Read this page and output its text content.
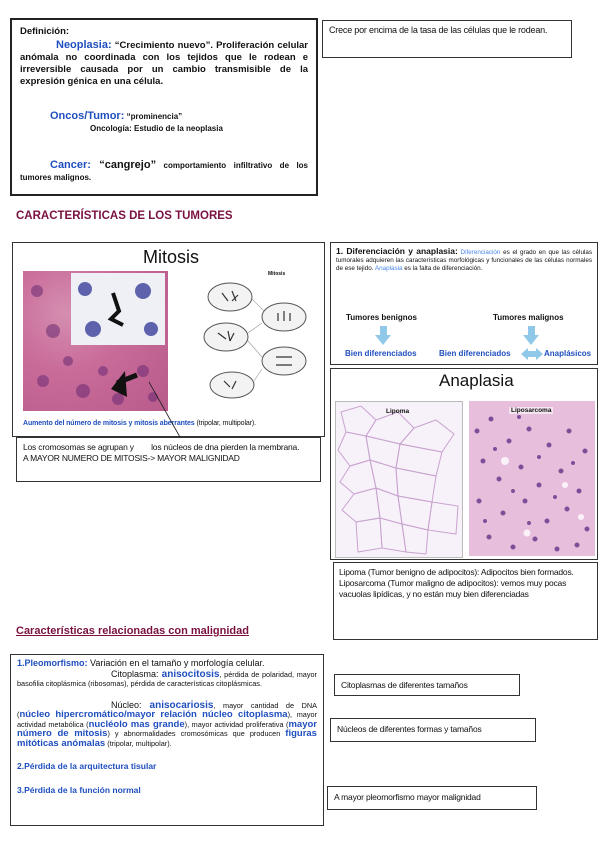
Definición:
Neoplasia: “Crecimiento nuevo”. Proliferación celular anómala no coordinada con los tejidos que le rodean e irreversible causada por un cambio transmisible de la expresión génica en una célula.
Oncos/Tumor: “prominencia”
Oncología: Estudio de la neoplasia
Cancer: “cangrejo” comportamiento infiltrativo de los tumores malignos.
Crece por encima de la tasa de las células que le rodean.
CARACTERÍSTICAS DE LOS TUMORES
Mitosis
Mitosis
Aumento del número de mitosis y mitosis aberrantes (tripolar, multipolar).
Los cromosomas se agrupan y        los núcleos de dna pierden la membrana.
A MAYOR NUMERO DE MITOSIS-> MAYOR MALIGNIDAD
1. Diferenciación y anaplasia: Diferenciación es el grado en que las células tumorales adquieren las características morfológicas y funcionales de las células normales de ese tejido. Anaplasia es la falta de diferenciación.
Tumores benignos	Tumores malignos
Bien diferenciados	Bien diferenciados	Anaplásicos
Anaplasia
Lipoma	Liposarcoma
Lipoma (Tumor benigno de adipocitos): Adipocitos bien formados.
Liposarcoma (Tumor maligno de adipocitos): vemos muy pocas vacuolas lipídicas, y no están muy bien diferenciadas
Características relacionadas con malignidad
1.Pleomorfismo: Variación en el tamaño y morfología celular.
Citoplasma: anisocitosis, pérdida de polaridad, mayor basofilia citoplásmica (ribosomas), pérdida de características citoplásmicas.
Núcleo: anisocariosis, mayor cantidad de DNA (núcleo hipercromático/mayor relación núcleo citoplasma), mayor actividad metabólica (nucléolo mas grande), mayor actividad proliferativa (mayor número de mitosis) y abnormalidades cromosómicas que producen figuras mitóticas anómalas (tripolar, multipolar).
2.Pérdida de la arquitectura tisular
3.Pérdida de la función normal
Citoplasmas de diferentes tamaños
Núcleos de diferentes formas y tamaños
A mayor pleomorfismo mayor malignidad
